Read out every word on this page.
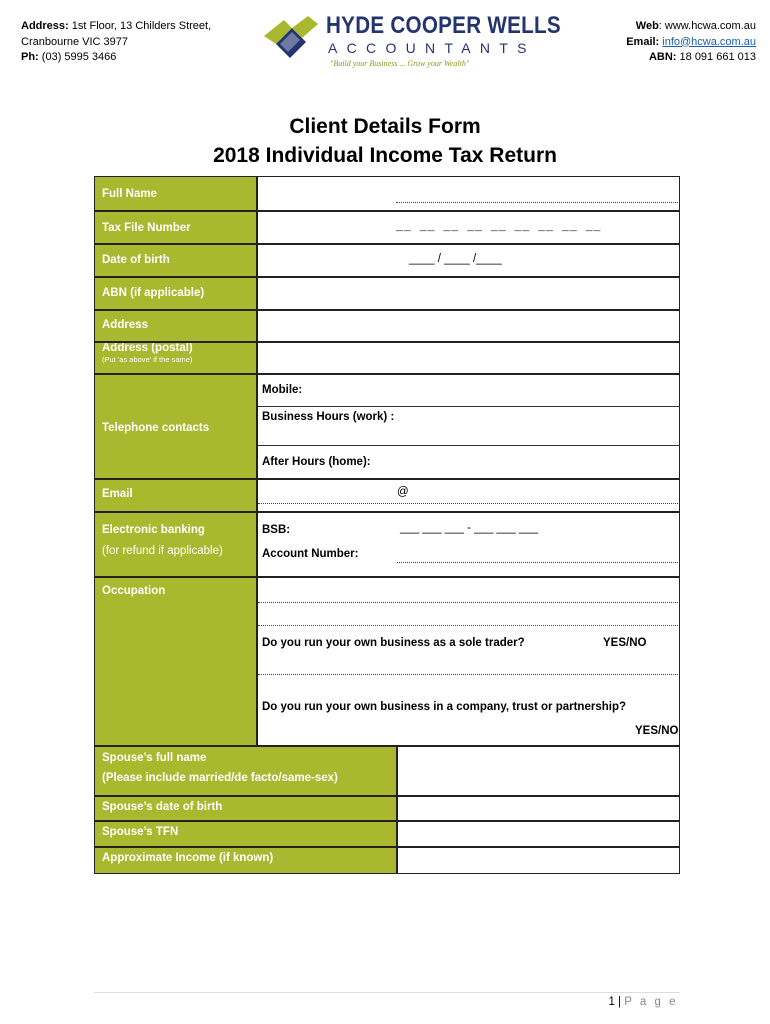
Address: 1st Floor, 13 Childers Street,
Cranbourne VIC 3977
Ph: (03) 5995 3466
HYDE COOPER WELLS
ACCOUNTANTS
"Build your Business ... Grow your Wealth"
Web: www.hcwa.com.au
Email: info@hcwa.com.au
ABN: 18 091 661 013
Client Details Form
2018 Individual Income Tax Return
Full Name
Tax File Number
Date of birth
ABN (if applicable)
Address
Address (postal)
(Put 'as above' if the same)
Telephone contacts
Email
Electronic banking
(for refund if applicable)
Occupation
Spouse’s full name
(Please include married/de facto/same-sex)
Spouse’s date of birth
Spouse’s TFN
Approximate Income (if known)
__ __ __ __ __ __ __ __ __
____ / ____ /____
Mobile:
Business Hours (work) :
After Hours (home):
@
BSB:	___ ___ ___ - ___ ___ ___
Account Number:
Do you run your own business as a sole trader?	YES/NO
Do you run your own business in a company, trust or partnership?
YES/NO
1 | P a g e
